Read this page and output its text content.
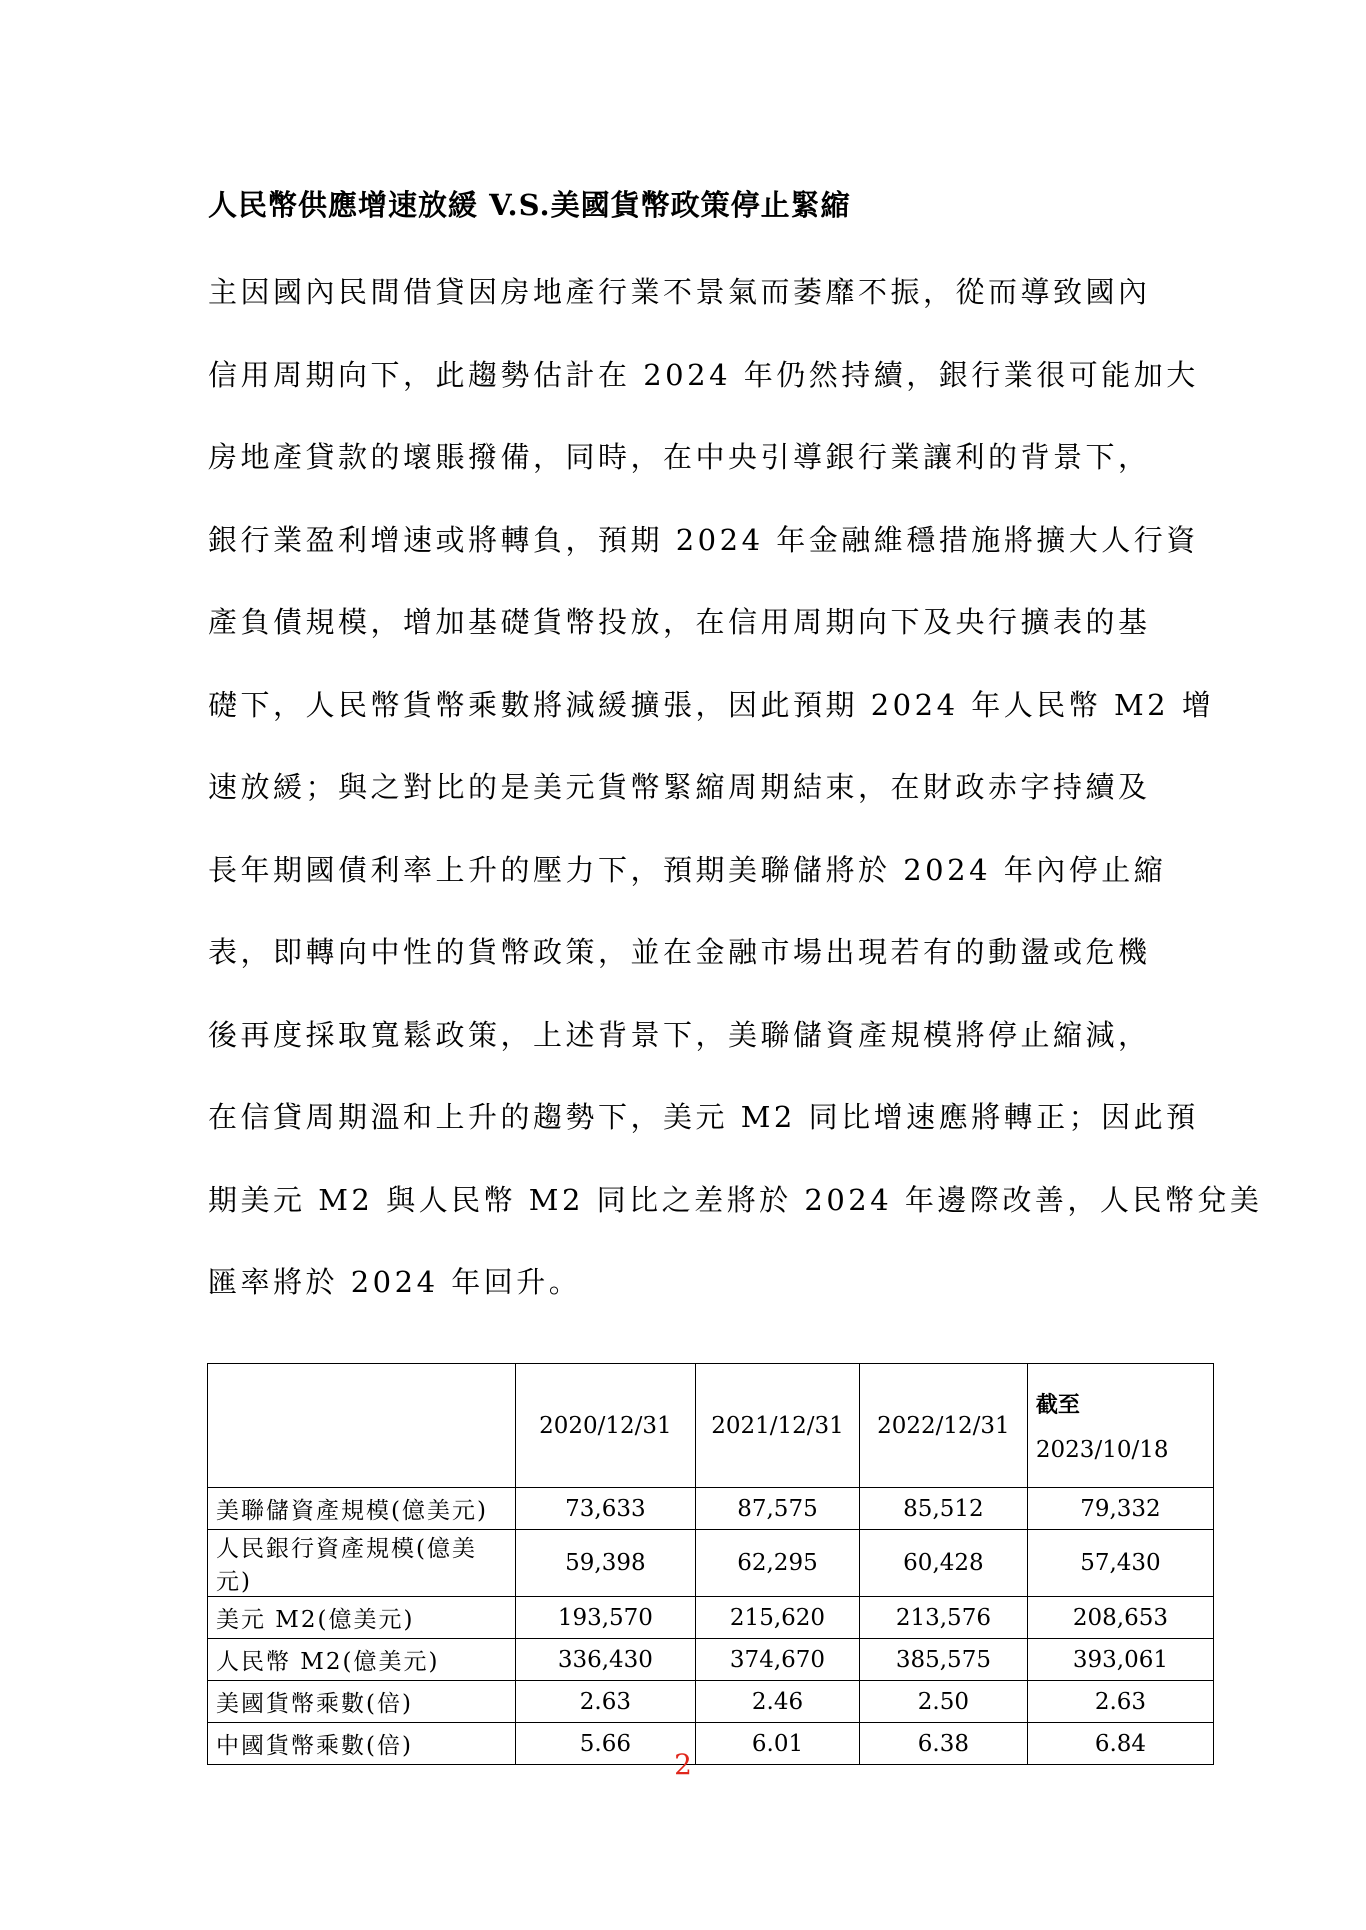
人民幣供應增速放緩 V.S.美國貨幣政策停止緊縮
主因國內民間借貸因房地產行業不景氣而萎靡不振，從而導致國內
信用周期向下，此趨勢估計在 2024 年仍然持續，銀行業很可能加大
房地產貸款的壞賬撥備，同時，在中央引導銀行業讓利的背景下，
銀行業盈利增速或將轉負，預期 2024 年金融維穩措施將擴大人行資
產負債規模，增加基礎貨幣投放，在信用周期向下及央行擴表的基
礎下，人民幣貨幣乘數將減緩擴張，因此預期 2024 年人民幣 M2 增
速放緩；與之對比的是美元貨幣緊縮周期結束，在財政赤字持續及
長年期國債利率上升的壓力下，預期美聯儲將於 2024 年內停止縮
表，即轉向中性的貨幣政策，並在金融市場出現若有的動盪或危機
後再度採取寬鬆政策，上述背景下，美聯儲資產規模將停止縮減，
在信貸周期溫和上升的趨勢下，美元 M2 同比增速應將轉正；因此預
期美元 M2 與人民幣 M2 同比之差將於 2024 年邊際改善，人民幣兌美
匯率將於 2024 年回升。
	2020/12/31	2021/12/31	2022/12/31	截至
2023/10/18
美聯儲資產規模(億美元)	73,633	87,575	85,512	79,332
人民銀行資產規模(億美元)	59,398	62,295	60,428	57,430
美元 M2(億美元)	193,570	215,620	213,576	208,653
人民幣 M2(億美元)	336,430	374,670	385,575	393,061
美國貨幣乘數(倍)	2.63	2.46	2.50	2.63
中國貨幣乘數(倍)	5.66	6.01	6.38	6.84
2
